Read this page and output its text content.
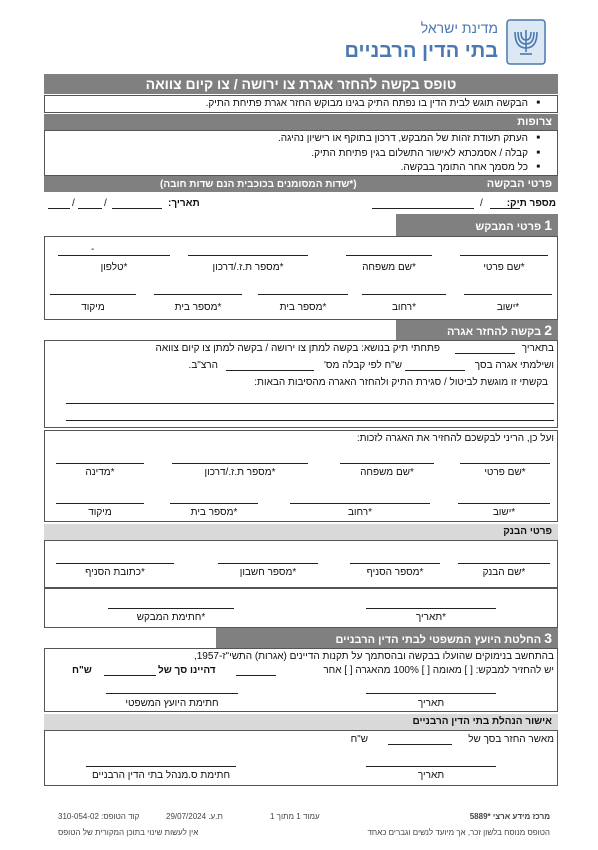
מדינת ישראל
בתי הדין הרבניים
טופס בקשה להחזר אגרת צו ירושה / צו קיום צוואה
■ הבקשה תוגש לבית הדין בו נפתח התיק בגינו מבוקש החזר אגרת פתיחת התיק.
צרופות
■ העתק תעודת זהות של המבקש, דרכון בתוקף או רישיון נהיגה.
■ קבלה / אסמכתא לאישור התשלום בגין פתיחת התיק.
■ כל מסמך אחר התומך בבקשה.
פרטי הבקשה
(*שדות המסומנים בכוכבית הנם שדות חובה)
מספר תיק:
/
תאריך:
/	/
1 פרטי המבקש
-
*שם פרטי
*שם משפחה
*מספר ת.ז./דרכון
*טלפון
*ישוב
*רחוב
*מספר בית
*מספר בית
מיקוד
2 בקשה להחזר אגרה
בתאריך
פתחתי תיק בנושא: בקשה למתן צו ירושה / בקשה למתן צו קיום צוואה
ושילמתי אגרה בסך
ש"ח לפי קבלה מס'
הרצ"ב.
בקשתי זו מוגשת לביטול / סגירת התיק ולהחזר האגרה מהסיבות הבאות:
ועל כן, הריני לבקשכם להחזיר את האגרה לזכות:
*שם פרטי
*שם משפחה
*מספר ת.ז./דרכון
*מדינה
*ישוב
*רחוב
*מספר בית
מיקוד
פרטי הבנק
*שם הבנק
*מספר הסניף
*מספר חשבון
*כתובת הסניף
*תאריך
*חתימת המבקש
3 החלטת היועץ המשפטי לבתי הדין הרבניים
בהתחשב בנימוקים שהועלו בבקשה ובהסתמך על תקנות הדיינים (אגרות) התשי"ז-1957,
יש להחזיר למבקש: [ ] מאומה [ ] 100% מהאגרה [ ] אחר
דהיינו סך של
ש"ח
תאריך
חתימת היועץ המשפטי
אישור הנהלת בתי הדין הרבניים
מאשר החזר בסך של
ש"ח
תאריך
חתימת ס.מנהל בתי הדין הרבניים
מרכז מידע ארצי *5889
עמוד 1 מתוך 1
ת.ע. 29/07/2024
קוד הטופס: 310-054-02
הטופס מנוסח בלשון זכר, אך מיועד לנשים וגברים כאחד
אין לעשות שינוי בתוכן המקורית של הטופס
